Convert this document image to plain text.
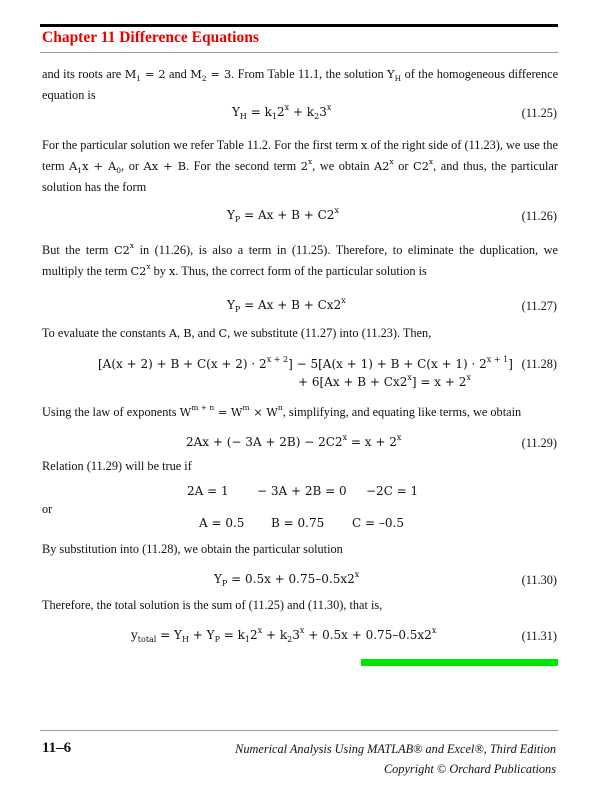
Chapter 11 Difference Equations
and its roots are $M_1 = 2$ and $M_2 = 3$. From Table 11.1, the solution $Y_H$ of the homogeneous difference equation is
$Y_H = k_12^x + k_23^x$	(11.25)
For the particular solution we refer Table 11.2. For the first term x of the right side of (11.23), we use the term $A_1x + A_0$, or Ax + B. For the second term 2$^x$, we obtain A2$^x$ or C2$^x$, and thus, the particular solution has the form
$Y_P = Ax + B + C2^x$	(11.26)
But the term C2$^x$ in (11.26), is also a term in (11.25). Therefore, to eliminate the duplication, we multiply the term C2$^x$ by x. Thus, the correct form of the particular solution is
$Y_P = Ax + B + Cx2^x$	(11.27)
To evaluate the constants A, B, and C, we substitute (11.27) into (11.23). Then,
$[A(x + 2) + B + C(x + 2) \cdot 2^{x + 2}] - 5[A(x + 1) + B + C(x + 1) \cdot 2^{x + 1}]$
+ $6[Ax + B + Cx2^x] = x + 2^x$
(11.28)
Using the law of exponents $W^{m + n} = W^m \times W^n$, simplifying, and equating like terms, we obtain
2Ax + (− $3A + 2B) - 2C2^x = x + 2^x$	(11.29)
Relation (11.29) will be true if
2A = 1 − 3A + 2B = 0 −2C = 1
or
A = 0.5 B = 0.75 C = –0.5
By substitution into (11.28), we obtain the particular solution
$Y_P = 0.5x + 0.75-0.5x2^x$	(11.30)
Therefore, the total solution is the sum of (11.25) and (11.30), that is,
$y_{total} = Y_H + Y_P = k_12^x + k_23^x + 0.5x + 0.75-0.5x2^x$	(11.31)
11–6	Numerical Analysis Using MATLAB® and Excel®, Third Edition
Copyright © Orchard Publications
